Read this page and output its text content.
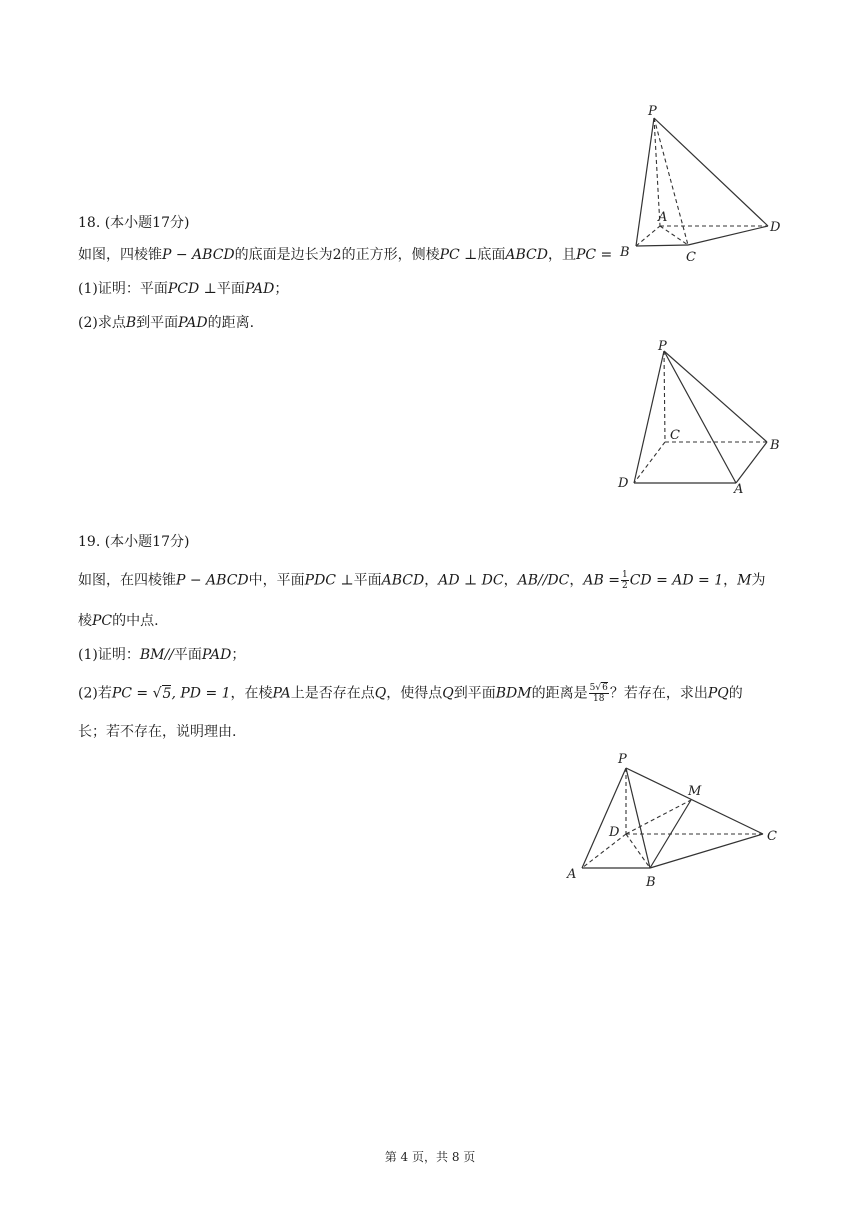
P
A
B	C
D
18. (本小题17分)
如图，四棱锥P − ABCD的底面是边长为2的正方形，侧棱PC ⊥底面ABCD，且PC =
(1)证明：平面PCD ⊥平面PAD；
(2)求点B到平面PAD的距离.
P
C
B
D	A
19. (本小题17分)
如图，在四棱锥P − ABCD中，平面PDC ⊥平面ABCD，AD ⊥ DC，AB//DC，AB = $\frac{1}{2}$ CD = AD = 1，M为
棱PC的中点.
(1)证明：BM//平面PAD；
(2)若PC = √5, PD = 1，在棱PA上是否存在点Q，使得点Q到平面BDM的距离是 $\frac{5√6}{18}$ ？若存在，求出PQ的
长；若不存在，说明理由.
P
M
D	C
A
B
第 4 页，共 8 页
